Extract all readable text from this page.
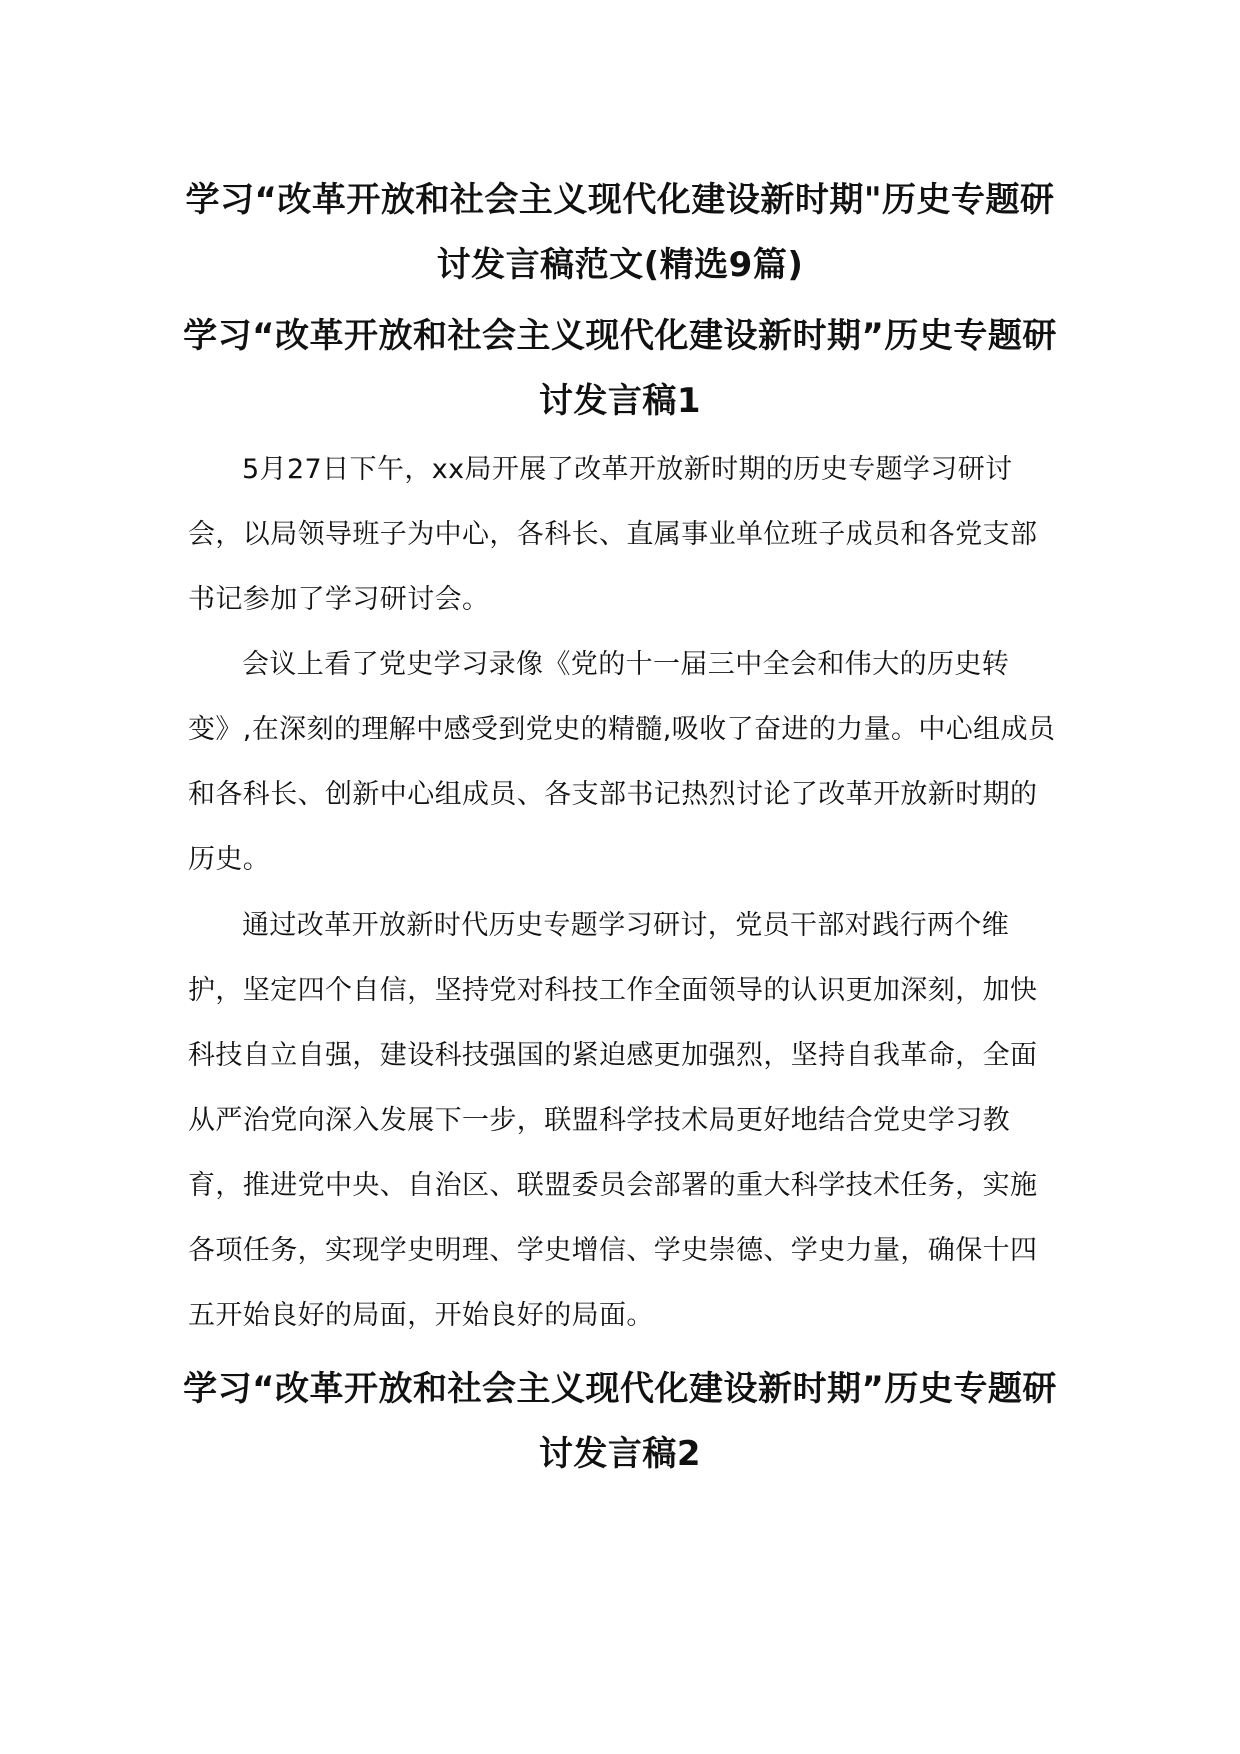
学习“改革开放和社会主义现代化建设新时期"历史专题研讨发言稿范文(精选9篇)
学习“改革开放和社会主义现代化建设新时期”历史专题研讨发言稿1

5月27日下午，xx局开展了改革开放新时期的历史专题学习研讨会，以局领导班子为中心，各科长、直属事业单位班子成员和各党支部书记参加了学习研讨会。

会议上看了党史学习录像《党的十一届三中全会和伟大的历史转变》,在深刻的理解中感受到党史的精髓,吸收了奋进的力量。中心组成员和各科长、创新中心组成员、各支部书记热烈讨论了改革开放新时期的历史。

通过改革开放新时代历史专题学习研讨，党员干部对践行两个维护，坚定四个自信，坚持党对科技工作全面领导的认识更加深刻，加快科技自立自强，建设科技强国的紧迫感更加强烈，坚持自我革命，全面从严治党向深入发展下一步，联盟科学技术局更好地结合党史学习教育，推进党中央、自治区、联盟委员会部署的重大科学技术任务，实施各项任务，实现学史明理、学史增信、学史崇德、学史力量，确保十四五开始良好的局面，开始良好的局面。

学习“改革开放和社会主义现代化建设新时期”历史专题研讨发言稿2
